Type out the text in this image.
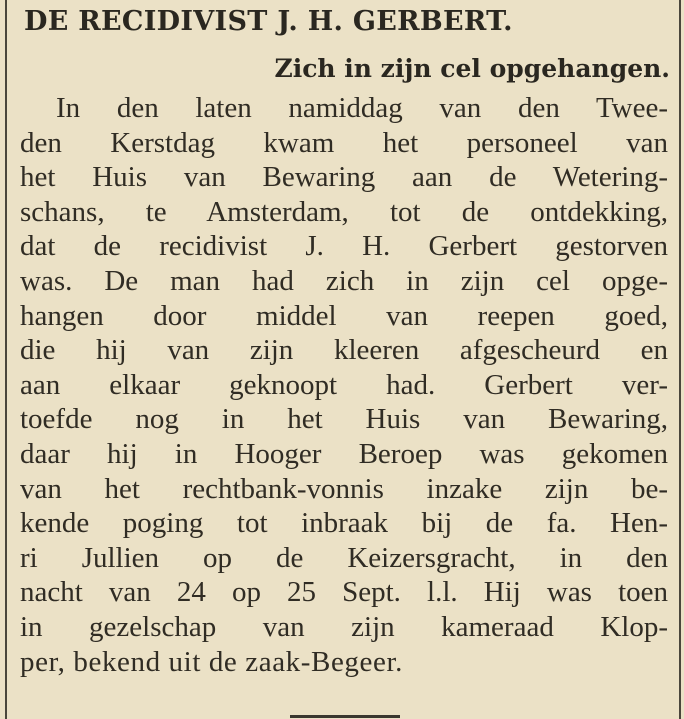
DE RECIDIVIST J. H. GERBERT.
Zich in zijn cel opgehangen.
In den laten namiddag van den Twee-
den Kerstdag kwam het personeel van
het Huis van Bewaring aan de Wetering-
schans, te Amsterdam, tot de ontdekking,
dat de recidivist J. H. Gerbert gestorven
was. De man had zich in zijn cel opge-
hangen door middel van reepen goed,
die hij van zijn kleeren afgescheurd en
aan elkaar geknoopt had. Gerbert ver-
toefde nog in het Huis van Bewaring,
daar hij in Hooger Beroep was gekomen
van het rechtbank-vonnis inzake zijn be-
kende poging tot inbraak bij de fa. Hen-
ri Jullien op de Keizersgracht, in den
nacht van 24 op 25 Sept. l.l. Hij was toen
in gezelschap van zijn kameraad Klop-
per, bekend uit de zaak-Begeer.
